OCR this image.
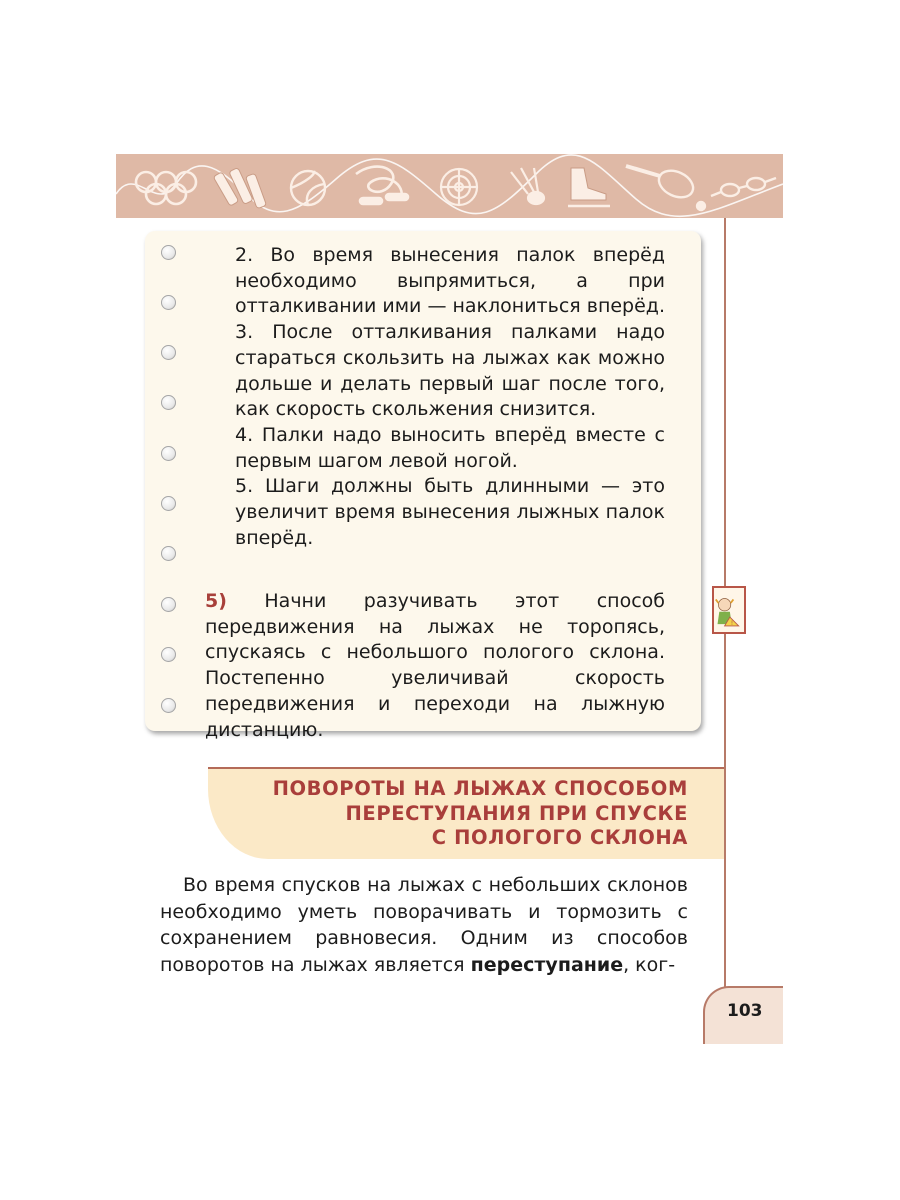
2. Во время вынесения палок вперёд необходимо выпрямиться, а при отталкивании ими — наклониться вперёд.

3. После отталкивания палками надо стараться скользить на лыжах как можно дольше и делать первый шаг после того, как скорость скольжения снизится.

4. Палки надо выносить вперёд вместе с первым шагом левой ногой.

5. Шаги должны быть длинными — это увеличит время вынесения лыжных палок вперёд.

5) Начни разучивать этот способ передвижения на лыжах не торопясь, спускаясь с небольшого пологого склона. Постепенно увеличивай скорость передвижения и переходи на лыжную дистанцию.
!
ПОВОРОТЫ НА ЛЫЖАХ СПОСОБОМ
ПЕРЕСТУПАНИЯ ПРИ СПУСКЕ
С ПОЛОГОГО СКЛОНА

Во время спусков на лыжах с небольших склонов необходимо уметь поворачивать и тормозить с сохранением равновесия. Одним из способов поворотов на лыжах является переступание, ког-

103
